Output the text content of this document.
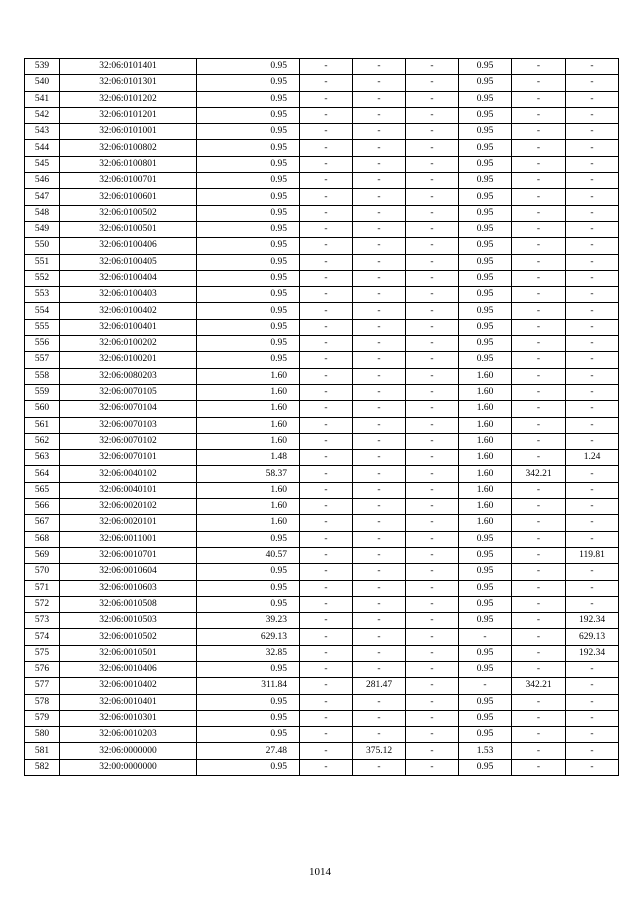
539	32:06:0101401	0.95	-	-	-	0.95	-	-
540	32:06:0101301	0.95	-	-	-	0.95	-	-
541	32:06:0101202	0.95	-	-	-	0.95	-	-
542	32:06:0101201	0.95	-	-	-	0.95	-	-
543	32:06:0101001	0.95	-	-	-	0.95	-	-
544	32:06:0100802	0.95	-	-	-	0.95	-	-
545	32:06:0100801	0.95	-	-	-	0.95	-	-
546	32:06:0100701	0.95	-	-	-	0.95	-	-
547	32:06:0100601	0.95	-	-	-	0.95	-	-
548	32:06:0100502	0.95	-	-	-	0.95	-	-
549	32:06:0100501	0.95	-	-	-	0.95	-	-
550	32:06:0100406	0.95	-	-	-	0.95	-	-
551	32:06:0100405	0.95	-	-	-	0.95	-	-
552	32:06:0100404	0.95	-	-	-	0.95	-	-
553	32:06:0100403	0.95	-	-	-	0.95	-	-
554	32:06:0100402	0.95	-	-	-	0.95	-	-
555	32:06:0100401	0.95	-	-	-	0.95	-	-
556	32:06:0100202	0.95	-	-	-	0.95	-	-
557	32:06:0100201	0.95	-	-	-	0.95	-	-
558	32:06:0080203	1.60	-	-	-	1.60	-	-
559	32:06:0070105	1.60	-	-	-	1.60	-	-
560	32:06:0070104	1.60	-	-	-	1.60	-	-
561	32:06:0070103	1.60	-	-	-	1.60	-	-
562	32:06:0070102	1.60	-	-	-	1.60	-	-
563	32:06:0070101	1.48	-	-	-	1.60	-	1.24
564	32:06:0040102	58.37	-	-	-	1.60	342.21	-
565	32:06:0040101	1.60	-	-	-	1.60	-	-
566	32:06:0020102	1.60	-	-	-	1.60	-	-
567	32:06:0020101	1.60	-	-	-	1.60	-	-
568	32:06:0011001	0.95	-	-	-	0.95	-	-
569	32:06:0010701	40.57	-	-	-	0.95	-	119.81
570	32:06:0010604	0.95	-	-	-	0.95	-	-
571	32:06:0010603	0.95	-	-	-	0.95	-	-
572	32:06:0010508	0.95	-	-	-	0.95	-	-
573	32:06:0010503	39.23	-	-	-	0.95	-	192.34
574	32:06:0010502	629.13	-	-	-	-	-	629.13
575	32:06:0010501	32.85	-	-	-	0.95	-	192.34
576	32:06:0010406	0.95	-	-	-	0.95	-	-
577	32:06:0010402	311.84	-	281.47	-	-	342.21	-
578	32:06:0010401	0.95	-	-	-	0.95	-	-
579	32:06:0010301	0.95	-	-	-	0.95	-	-
580	32:06:0010203	0.95	-	-	-	0.95	-	-
581	32:06:0000000	27.48	-	375.12	-	1.53	-	-
582	32:00:0000000	0.95	-	-	-	0.95	-	-
1014
